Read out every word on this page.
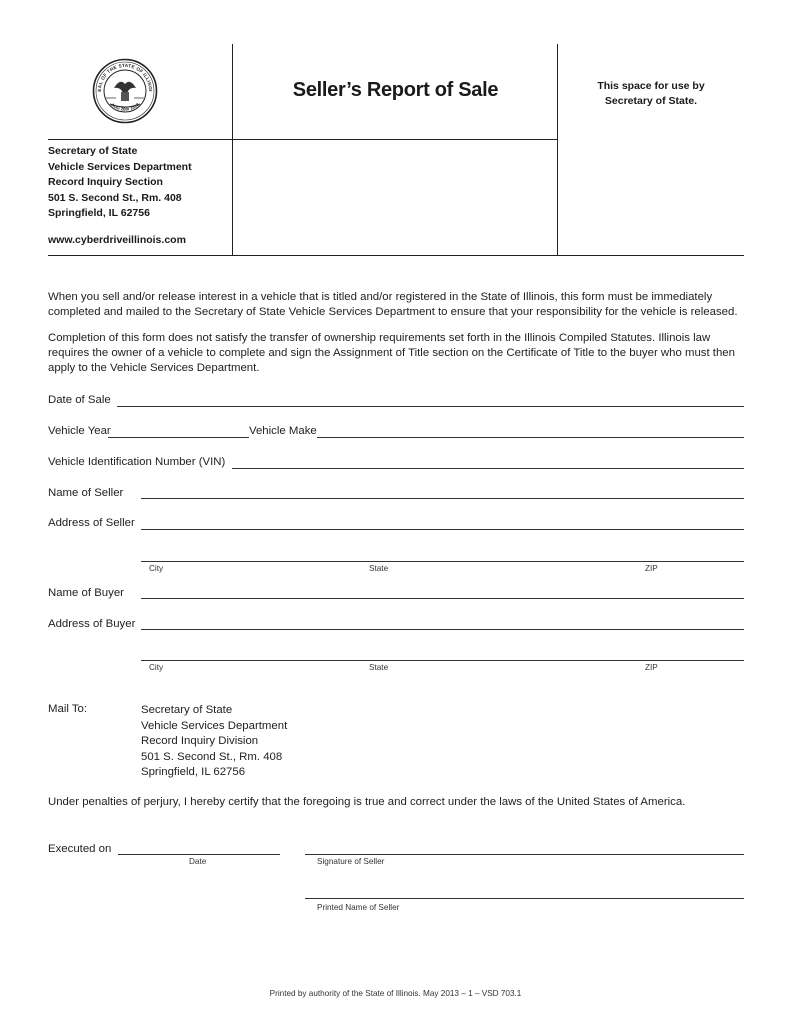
EAL OF THE STATE OF ILLINOI
AUG 26th 1818
Seller’s Report of Sale	This space for use by
Secretary of State.
Secretary of State
Vehicle Services Department
Record Inquiry Section
501 S. Second St., Rm. 408
Springfield, IL 62756
www.cyberdriveillinois.com
When you sell and/or release interest in a vehicle that is titled and/or registered in the State of Illinois, this form must be immediately completed and mailed to the Secretary of State Vehicle Services Department to ensure that your responsibility for the vehicle is released.
Completion of this form does not satisfy the transfer of ownership requirements set forth in the Illinois Compiled Statutes. Illinois law requires the owner of a vehicle to complete and sign the Assignment of Title section on the Certificate of Title to the buyer who must then apply to the Vehicle Services Department.
Date of Sale
Vehicle Year	Vehicle Make
Vehicle Identification Number (VIN)
Name of Seller
Address of Seller
City	State	ZIP
Name of Buyer
Address of Buyer
City	State	ZIP
Mail To:	Secretary of State
Vehicle Services Department
Record Inquiry Division
501 S. Second St., Rm. 408
Springfield, IL 62756
Under penalties of perjury, I hereby certify that the foregoing is true and correct under the laws of the United States of America.
Executed on
Date	Signature of Seller
Printed Name of Seller
Printed by authority of the State of Illinois. May 2013 – 1 – VSD 703.1
